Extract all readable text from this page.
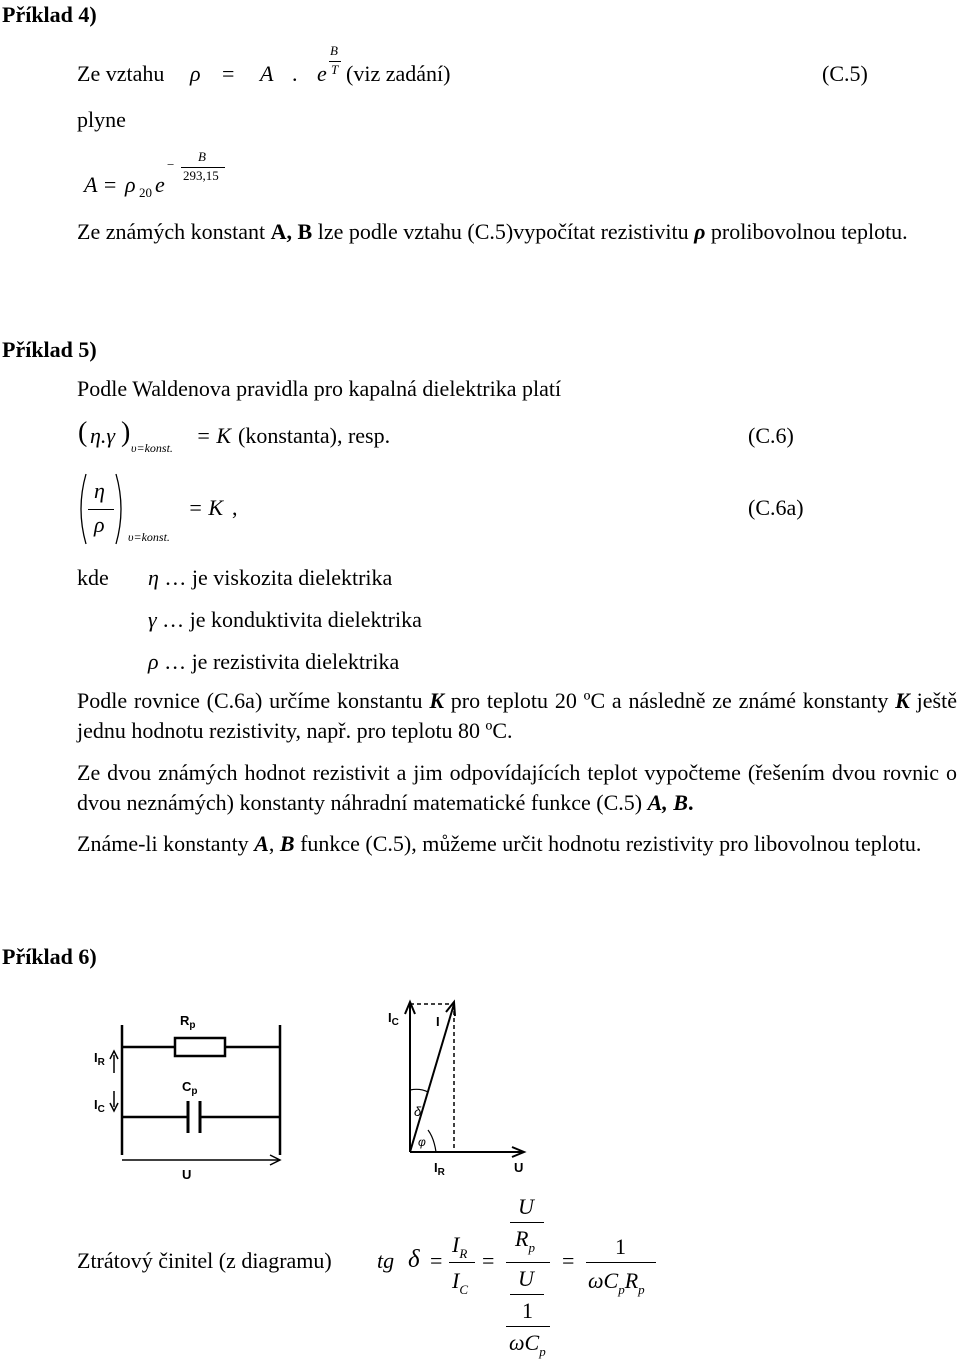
Příklad 4)
Ze vztahu ρ = A . e
B
T (viz zadání)	(C.5)
plyne
A = ρ 20 e
−
B
293,15

Ze známých konstant A, B lze podle vztahu (C.5)vypočítat rezistivitu ρ prolibovolnou teplotu.

Příklad 5)
Podle Waldenova pravidla pro kapalná dielektrika platí
( η.γ ) υ=konst. = K (konstanta), resp.	(C.6)
η
ρ υ=konst.
= K ,	(C.6a)
kde η … je viskozita dielektrika
γ … je konduktivita dielektrika
ρ … je rezistivita dielektrika

Podle rovnice (C.6a) určíme konstantu K pro teplotu 20 ºC a následně ze známé konstanty K ještě jednu hodnotu rezistivity, např. pro teplotu 80 ºC.

Ze dvou známých hodnot rezistivit a jim odpovídajících teplot vypočteme (řešením dvou rovnic o dvou neznámých) konstanty náhradní matematické funkce (C.5) A, B.

Známe-li konstanty A, B funkce (C.5), můžeme určit hodnotu rezistivity pro libovolnou teplotu.

Příklad 6)
$I_R$
$I_C$
$R_p$
$C_p$
U
$I_C$	I
δ
φ
$I_R$	U
Ztrátový činitel (z diagramu) tg δ =
$I_R$
$I_C$
=
U
$R_p$
U
1
$\omega C_p$
=
1
$\omega C_pR_p$
